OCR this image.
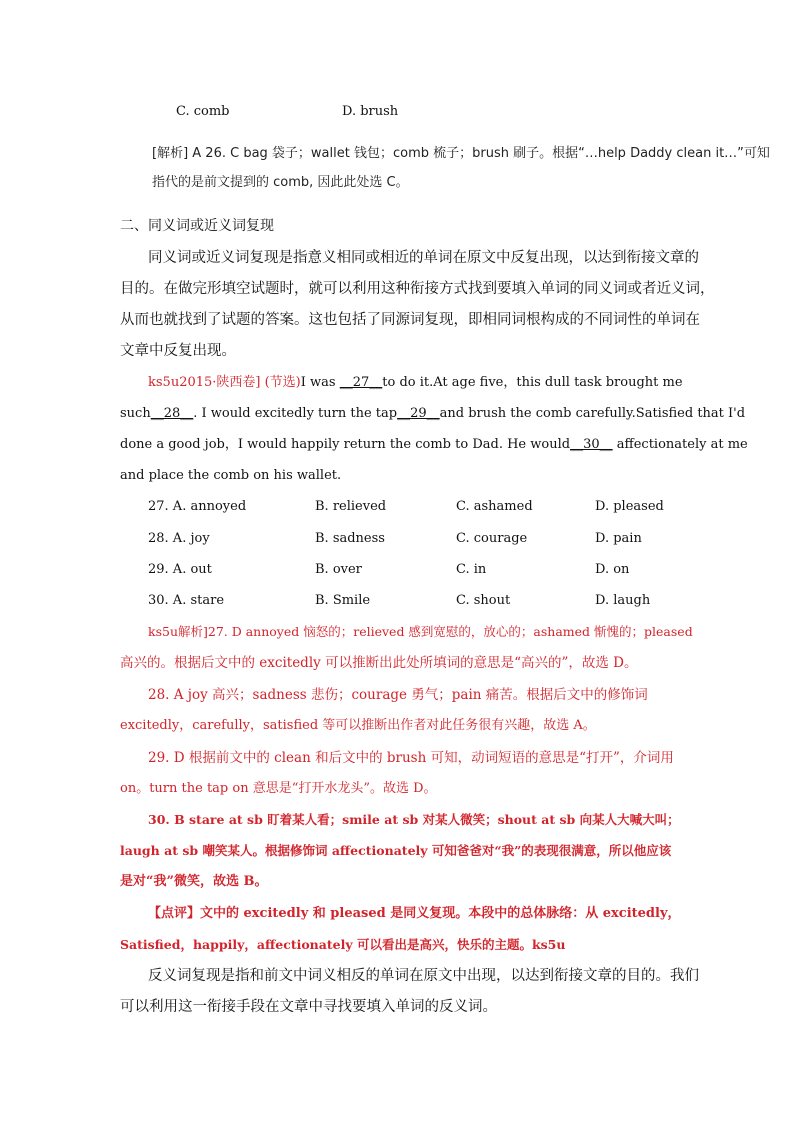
C. comb	D. brush
[解析] A 26. C bag 袋子；wallet 钱包；comb 梳子；brush 刷子。根据“…help Daddy clean it…”可知
指代的是前文提到的 comb, 因此此处选 C。
二、同义词或近义词复现
同义词或近义词复现是指意义相同或相近的单词在原文中反复出现，以达到衔接文章的
目的。在做完形填空试题时，就可以利用这种衔接方式找到要填入单词的同义词或者近义词，
从而也就找到了试题的答案。这也包括了同源词复现，即相同词根构成的不同词性的单词在
文章中反复出现。
ks5u2015·陕西卷] (节选)I was __27__to do it.At age five，this dull task brought me
such__28__. I would excitedly turn the tap__29__and brush the comb carefully.Satisfied that I'd
done a good job，I would happily return the comb to Dad. He would__30__ affectionately at me
and place the comb on his wallet.
27. A. annoyed	B. relieved	C. ashamed	D. pleased
28. A. joy	B. sadness	C. courage	D. pain
29. A. out	B. over	C. in	D. on
30. A. stare	B. Smile	C. shout	D. laugh
ks5u解析]27. D annoyed 恼怒的；relieved 感到宽慰的，放心的；ashamed 惭愧的；pleased
高兴的。根据后文中的 excitedly 可以推断出此处所填词的意思是“高兴的”，故选 D。
28. A joy 高兴；sadness 悲伤；courage 勇气；pain 痛苦。根据后文中的修饰词
excitedly，carefully，satisfied 等可以推断出作者对此任务很有兴趣，故选 A。
29. D 根据前文中的 clean 和后文中的 brush 可知，动词短语的意思是“打开”，介词用
on。turn the tap on 意思是“打开水龙头”。故选 D。
30. B stare at sb 盯着某人看；smile at sb 对某人微笑；shout at sb 向某人大喊大叫；
laugh at sb 嘲笑某人。根据修饰词 affectionately 可知爸爸对“我”的表现很满意，所以他应该
是对“我”微笑，故选 B。
【点评】文中的 excitedly 和 pleased 是同义复现。本段中的总体脉络：从 excitedly，
Satisfied，happily，affectionately 可以看出是高兴，快乐的主题。ks5u
反义词复现是指和前文中词义相反的单词在原文中出现，以达到衔接文章的目的。我们
可以利用这一衔接手段在文章中寻找要填入单词的反义词。
